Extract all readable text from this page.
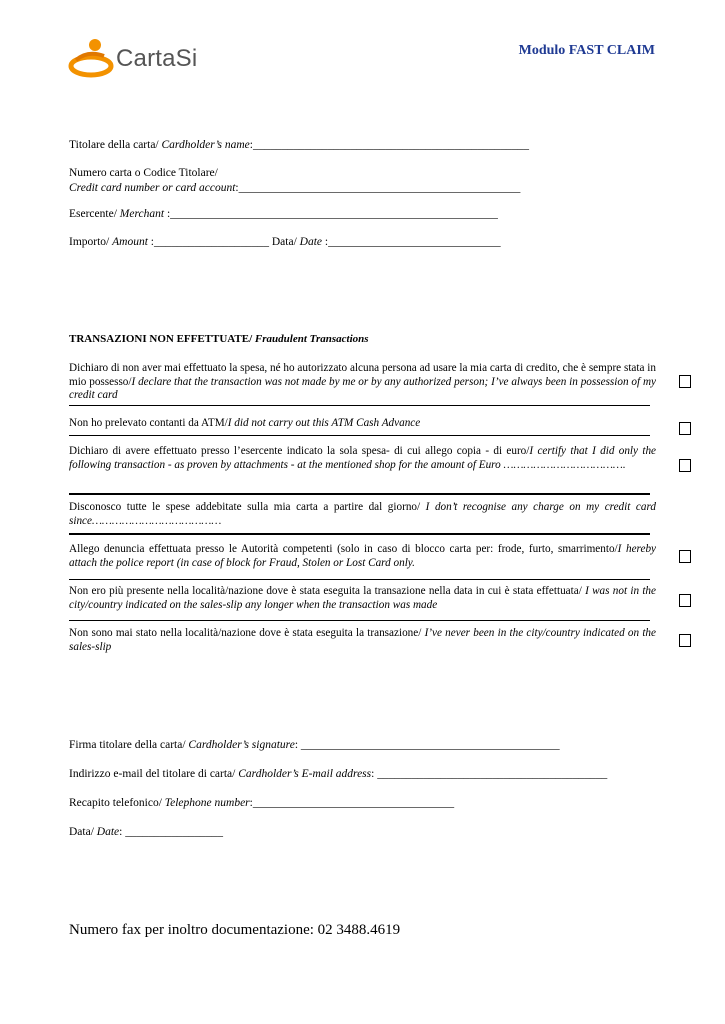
CartaSi	Modulo FAST CLAIM
Titolare della carta/ Cardholder’s name:________________________________________________
Numero carta o Codice Titolare/
Credit card number or card account:_________________________________________________
Esercente/ Merchant :_________________________________________________________
Importo/ Amount :____________________ Data/ Date :______________________________
TRANSAZIONI NON EFFETTUATE/ Fraudulent Transactions
Dichiaro di non aver mai effettuato la spesa, né ho autorizzato alcuna persona ad usare la mia carta di credito, che è sempre stata in mio possesso/I declare that the transaction was not made by me or by any authorized person; I’ve always been in possession of my credit card
Non ho prelevato contanti da ATM/I did not carry out this ATM Cash Advance
Dichiaro di avere effettuato presso l’esercente indicato la sola spesa- di cui allego copia - di euro/I certify that I did only the following transaction - as proven by attachments - at the mentioned shop for the amount of Euro ……………………………….
Disconosco tutte le spese addebitate sulla mia carta a partire dal giorno/ I don’t recognise any charge on my credit card since…………………………………
Allego denuncia effettuata presso le Autorità competenti (solo in caso di blocco carta per: frode, furto, smarrimento/I hereby attach the police report (in case of block for Fraud, Stolen or Lost Card only.
Non ero più presente nella località/nazione dove è stata eseguita la transazione nella data in cui è stata effettuata/ I was not in the city/country indicated on the sales-slip any longer when the transaction was made
Non sono mai stato nella località/nazione dove è stata eseguita la transazione/ I’ve never been in the city/country indicated on the sales-slip
Firma titolare della carta/ Cardholder’s signature: _____________________________________________
Indirizzo e-mail del titolare di carta/ Cardholder’s E-mail address: ________________________________________
Recapito telefonico/ Telephone number:___________________________________
Data/ Date: _________________
Numero fax per inoltro documentazione: 02 3488.4619
